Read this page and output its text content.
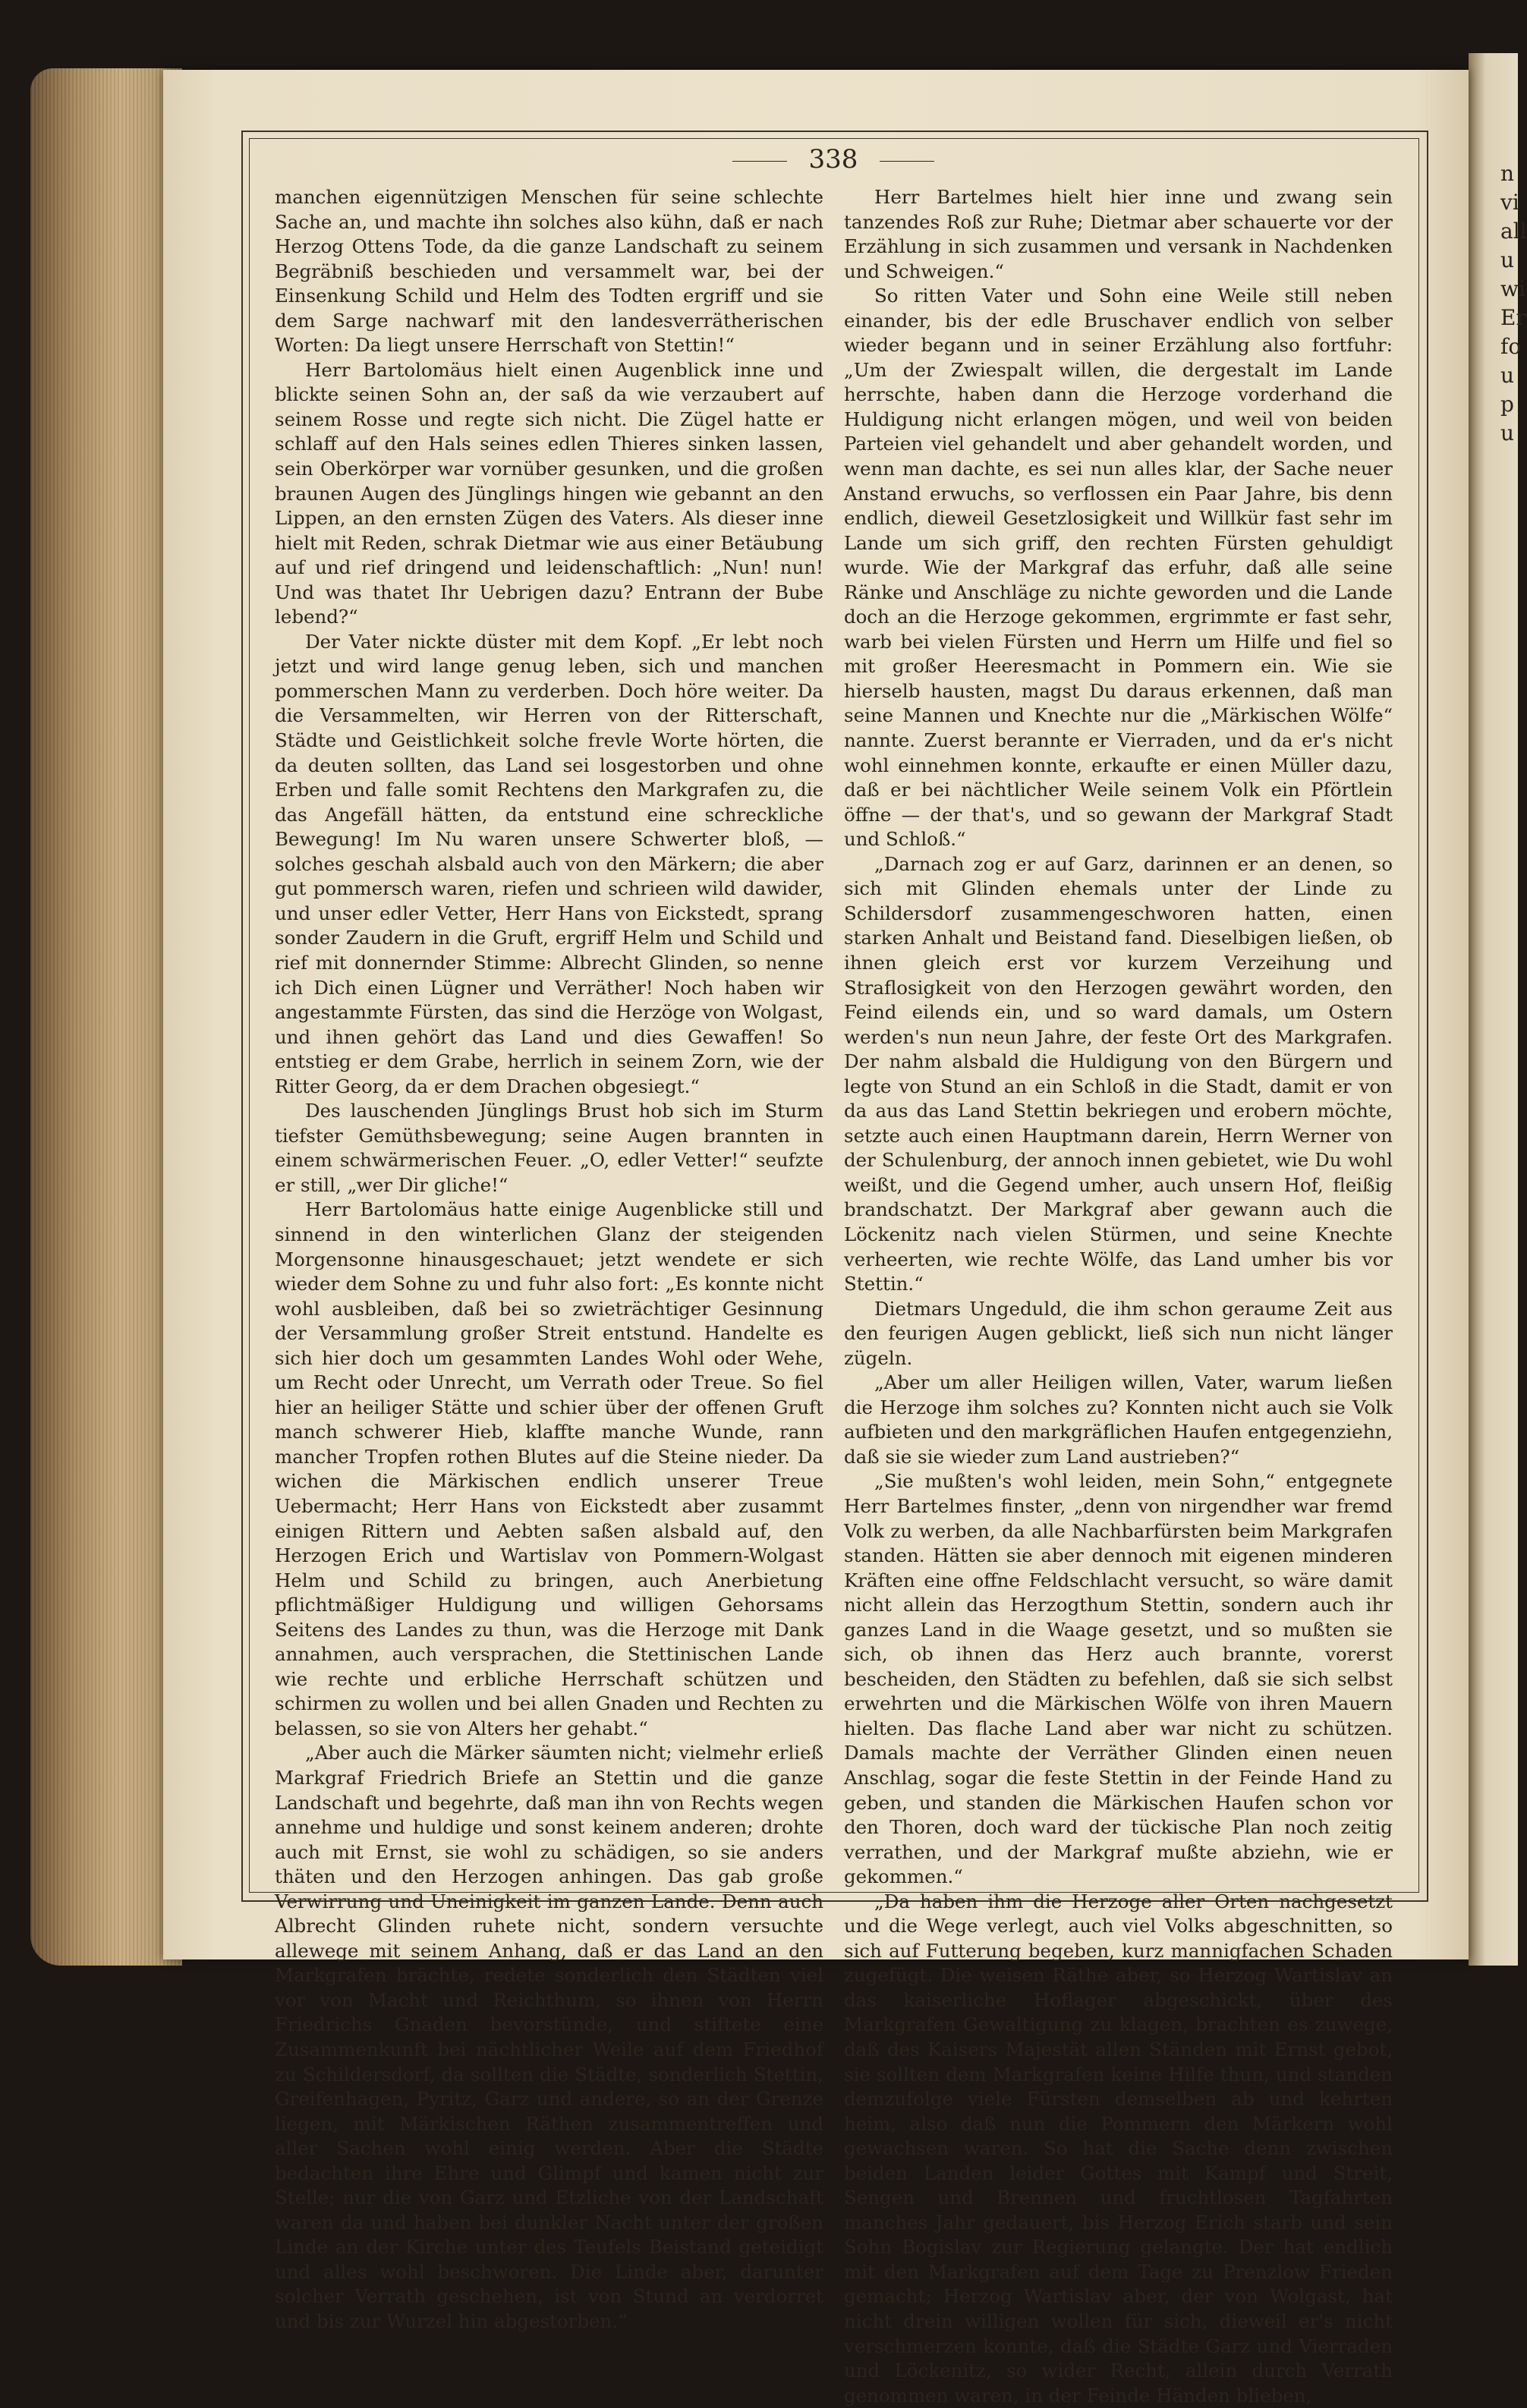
n
vi
all
u
wi
Er
fo
u
p
u
338

manchen eigennützigen Menschen für seine schlechte Sache an, und machte ihn solches also kühn, daß er nach Herzog Ottens Tode, da die ganze Landschaft zu seinem Begräbniß beschieden und versammelt war, bei der Einsenkung Schild und Helm des Todten ergriff und sie dem Sarge nachwarf mit den landesverrätherischen Worten: Da liegt unsere Herrschaft von Stettin!“

Herr Bartolomäus hielt einen Augenblick inne und blickte seinen Sohn an, der saß da wie verzaubert auf seinem Rosse und regte sich nicht. Die Zügel hatte er schlaff auf den Hals seines edlen Thieres sinken lassen, sein Oberkörper war vornüber gesunken, und die großen braunen Augen des Jünglings hingen wie gebannt an den Lippen, an den ernsten Zügen des Vaters. Als dieser inne hielt mit Reden, schrak Dietmar wie aus einer Betäubung auf und rief dringend und leidenschaftlich: „Nun! nun! Und was thatet Ihr Uebrigen dazu? Entrann der Bube lebend?“

Der Vater nickte düster mit dem Kopf. „Er lebt noch jetzt und wird lange genug leben, sich und manchen pommerschen Mann zu verderben. Doch höre weiter. Da die Versammelten, wir Herren von der Ritterschaft, Städte und Geistlichkeit solche frevle Worte hörten, die da deuten sollten, das Land sei losgestorben und ohne Erben und falle somit Rechtens den Markgrafen zu, die das Angefäll hätten, da entstund eine schreckliche Bewegung! Im Nu waren unsere Schwerter bloß, — solches geschah alsbald auch von den Märkern; die aber gut pommersch waren, riefen und schrieen wild dawider, und unser edler Vetter, Herr Hans von Eickstedt, sprang sonder Zaudern in die Gruft, ergriff Helm und Schild und rief mit donnernder Stimme: Albrecht Glinden, so nenne ich Dich einen Lügner und Verräther! Noch haben wir angestammte Fürsten, das sind die Herzöge von Wolgast, und ihnen gehört das Land und dies Gewaffen! So entstieg er dem Grabe, herrlich in seinem Zorn, wie der Ritter Georg, da er dem Drachen obgesiegt.“

Des lauschenden Jünglings Brust hob sich im Sturm tiefster Gemüthsbewegung; seine Augen brannten in einem schwärmerischen Feuer. „O, edler Vetter!“ seufzte er still, „wer Dir gliche!“

Herr Bartolomäus hatte einige Augenblicke still und sinnend in den winterlichen Glanz der steigenden Morgensonne hinausgeschauet; jetzt wendete er sich wieder dem Sohne zu und fuhr also fort: „Es konnte nicht wohl ausbleiben, daß bei so zwieträchtiger Gesinnung der Versammlung großer Streit entstund. Handelte es sich hier doch um gesammten Landes Wohl oder Wehe, um Recht oder Unrecht, um Verrath oder Treue. So fiel hier an heiliger Stätte und schier über der offenen Gruft manch schwerer Hieb, klaffte manche Wunde, rann mancher Tropfen rothen Blutes auf die Steine nieder. Da wichen die Märkischen endlich unserer Treue Uebermacht; Herr Hans von Eickstedt aber zusammt einigen Rittern und Aebten saßen alsbald auf, den Herzogen Erich und Wartislav von Pommern-Wolgast Helm und Schild zu bringen, auch Anerbietung pflichtmäßiger Huldigung und willigen Gehorsams Seitens des Landes zu thun, was die Herzoge mit Dank annahmen, auch versprachen, die Stettinischen Lande wie rechte und erbliche Herrschaft schützen und schirmen zu wollen und bei allen Gnaden und Rechten zu belassen, so sie von Alters her gehabt.“

„Aber auch die Märker säumten nicht; vielmehr erließ Markgraf Friedrich Briefe an Stettin und die ganze Landschaft und begehrte, daß man ihn von Rechts wegen annehme und huldige und sonst keinem anderen; drohte auch mit Ernst, sie wohl zu schädigen, so sie anders thäten und den Herzogen anhingen. Das gab große Verwirrung und Uneinigkeit im ganzen Lande. Denn auch Albrecht Glinden ruhete nicht, sondern versuchte allewege mit seinem Anhang, daß er das Land an den Markgrafen brächte, redete sonderlich den Städten viel vor von Macht und Reichthum, so ihnen von Herrn Friedrichs Gnaden bevorstünde, und stiftete eine Zusammenkunft bei nächtlicher Weile auf dem Friedhof zu Schildersdorf, da sollten die Städte, sonderlich Stettin, Greifenhagen, Pyritz, Garz und andere, so an der Grenze liegen, mit Märkischen Räthen zusammentreffen und aller Sachen wohl einig werden. Aber die Städte bedachten ihre Ehre und Glimpf und kamen nicht zur Stelle; nur die von Garz und Etzliche von der Landschaft waren da und haben bei dunkler Nacht unter der großen Linde an der Kirche unter des Teufels Beistand geteidigt und alles wohl beschworen. Die Linde aber, darunter solcher Verrath geschehen, ist von Stund an verdorret und bis zur Wurzel hin abgestorben.“

Herr Bartelmes hielt hier inne und zwang sein tanzendes Roß zur Ruhe; Dietmar aber schauerte vor der Erzählung in sich zusammen und versank in Nachdenken und Schweigen.“

So ritten Vater und Sohn eine Weile still neben einander, bis der edle Bruschaver endlich von selber wieder begann und in seiner Erzählung also fortfuhr: „Um der Zwiespalt willen, die dergestalt im Lande herrschte, haben dann die Herzoge vorderhand die Huldigung nicht erlangen mögen, und weil von beiden Parteien viel gehandelt und aber gehandelt worden, und wenn man dachte, es sei nun alles klar, der Sache neuer Anstand erwuchs, so verflossen ein Paar Jahre, bis denn endlich, dieweil Gesetzlosigkeit und Willkür fast sehr im Lande um sich griff, den rechten Fürsten gehuldigt wurde. Wie der Markgraf das erfuhr, daß alle seine Ränke und Anschläge zu nichte geworden und die Lande doch an die Herzoge gekommen, ergrimmte er fast sehr, warb bei vielen Fürsten und Herrn um Hilfe und fiel so mit großer Heeresmacht in Pommern ein. Wie sie hierselb hausten, magst Du daraus erkennen, daß man seine Mannen und Knechte nur die „Märkischen Wölfe“ nannte. Zuerst berannte er Vierraden, und da er's nicht wohl einnehmen konnte, erkaufte er einen Müller dazu, daß er bei nächtlicher Weile seinem Volk ein Pförtlein öffne — der that's, und so gewann der Markgraf Stadt und Schloß.“

„Darnach zog er auf Garz, darinnen er an denen, so sich mit Glinden ehemals unter der Linde zu Schildersdorf zusammengeschworen hatten, einen starken Anhalt und Beistand fand. Dieselbigen ließen, ob ihnen gleich erst vor kurzem Verzeihung und Straflosigkeit von den Herzogen gewährt worden, den Feind eilends ein, und so ward damals, um Ostern werden's nun neun Jahre, der feste Ort des Markgrafen. Der nahm alsbald die Huldigung von den Bürgern und legte von Stund an ein Schloß in die Stadt, damit er von da aus das Land Stettin bekriegen und erobern möchte, setzte auch einen Hauptmann darein, Herrn Werner von der Schulenburg, der annoch innen gebietet, wie Du wohl weißt, und die Gegend umher, auch unsern Hof, fleißig brandschatzt. Der Markgraf aber gewann auch die Löckenitz nach vielen Stürmen, und seine Knechte verheerten, wie rechte Wölfe, das Land umher bis vor Stettin.“

Dietmars Ungeduld, die ihm schon geraume Zeit aus den feurigen Augen geblickt, ließ sich nun nicht länger zügeln.

„Aber um aller Heiligen willen, Vater, warum ließen die Herzoge ihm solches zu? Konnten nicht auch sie Volk aufbieten und den markgräflichen Haufen entgegenziehn, daß sie sie wieder zum Land austrieben?“

„Sie mußten's wohl leiden, mein Sohn,“ entgegnete Herr Bartelmes finster, „denn von nirgendher war fremd Volk zu werben, da alle Nachbarfürsten beim Markgrafen standen. Hätten sie aber dennoch mit eigenen minderen Kräften eine offne Feldschlacht versucht, so wäre damit nicht allein das Herzogthum Stettin, sondern auch ihr ganzes Land in die Waage gesetzt, und so mußten sie sich, ob ihnen das Herz auch brannte, vorerst bescheiden, den Städten zu befehlen, daß sie sich selbst erwehrten und die Märkischen Wölfe von ihren Mauern hielten. Das flache Land aber war nicht zu schützen. Damals machte der Verräther Glinden einen neuen Anschlag, sogar die feste Stettin in der Feinde Hand zu geben, und standen die Märkischen Haufen schon vor den Thoren, doch ward der tückische Plan noch zeitig verrathen, und der Markgraf mußte abziehn, wie er gekommen.“

„Da haben ihm die Herzoge aller Orten nachgesetzt und die Wege verlegt, auch viel Volks abgeschnitten, so sich auf Futterung begeben, kurz mannigfachen Schaden zugefügt. Die weisen Räthe aber, so Herzog Wartislav an das kaiserliche Hoflager abgeschickt, über des Markgrafen Gewaltigung zu klagen, brachten es zuwege, daß des Kaisers Majestät allen Ständen mit Ernst gebot, sie sollten dem Markgrafen keine Hilfe thun, und standen demzufolge viele Fürsten demselben ab und kehrten heim, also daß nun die Pommern den Märkern wohl gewachsen waren. So hat die Sache denn zwischen beiden Landen leider Gottes mit Kampf und Streit, Sengen und Brennen und fruchtlosen Tagfahrten manches Jahr gedauert, bis Herzog Erich starb und sein Sohn Bogislav zur Regierung gelangte. Der hat endlich mit den Markgrafen auf dem Tage zu Prenzlow Frieden gemacht; Herzog Wartislav aber, der von Wolgast, hat nicht drein willigen wollen für sich, dieweil er's nicht verschmerzen konnte, daß die Städte Garz und Vierraden und Löckenitz, so wider Recht, allein durch Verrath genommen waren, in der Feinde Händen blieben,
